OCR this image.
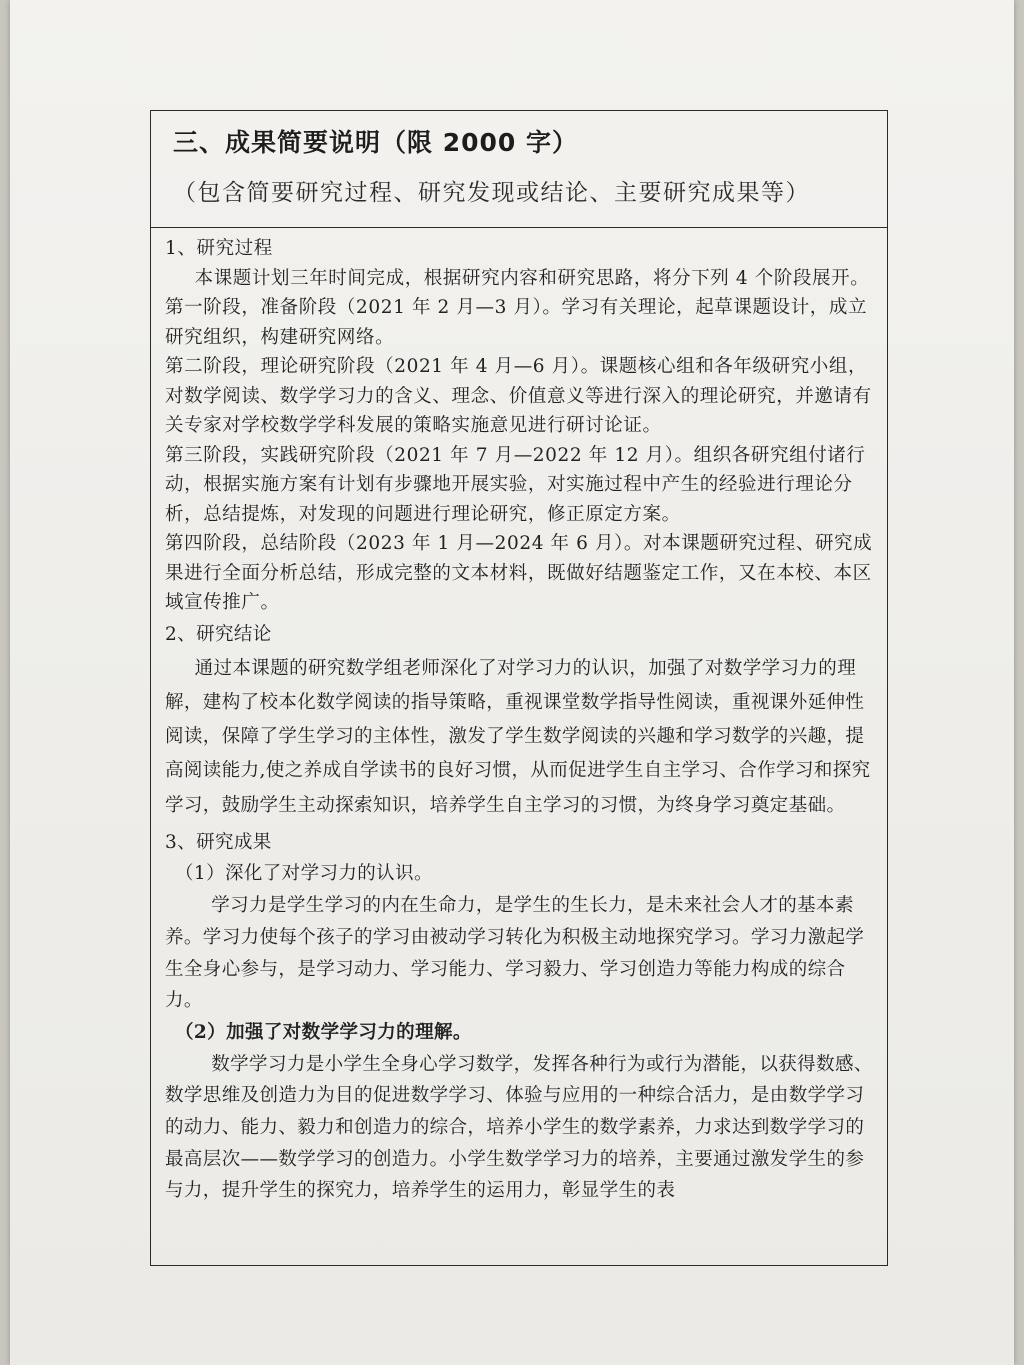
三、成果简要说明（限 2000 字）

（包含简要研究过程、研究发现或结论、主要研究成果等）

1、研究过程

本课题计划三年时间完成，根据研究内容和研究思路，将分下列 4 个阶段展开。

第一阶段，准备阶段（2021 年 2 月—3 月）。学习有关理论，起草课题设计，成立研究组织，构建研究网络。

第二阶段，理论研究阶段（2021 年 4 月—6 月）。课题核心组和各年级研究小组，对数学阅读、数学学习力的含义、理念、价值意义等进行深入的理论研究，并邀请有关专家对学校数学学科发展的策略实施意见进行研讨论证。

第三阶段，实践研究阶段（2021 年 7 月—2022 年 12 月）。组织各研究组付诸行动，根据实施方案有计划有步骤地开展实验，对实施过程中产生的经验进行理论分析，总结提炼，对发现的问题进行理论研究，修正原定方案。

第四阶段，总结阶段（2023 年 1 月—2024 年 6 月）。对本课题研究过程、研究成果进行全面分析总结，形成完整的文本材料，既做好结题鉴定工作，又在本校、本区域宣传推广。

2、研究结论

通过本课题的研究数学组老师深化了对学习力的认识，加强了对数学学习力的理解，建构了校本化数学阅读的指导策略，重视课堂数学指导性阅读，重视课外延伸性阅读，保障了学生学习的主体性，激发了学生数学阅读的兴趣和学习数学的兴趣，提高阅读能力,使之养成自学读书的良好习惯，从而促进学生自主学习、合作学习和探究学习，鼓励学生主动探索知识，培养学生自主学习的习惯，为终身学习奠定基础。

3、研究成果

（1）深化了对学习力的认识。

学习力是学生学习的内在生命力，是学生的生长力，是未来社会人才的基本素养。学习力使每个孩子的学习由被动学习转化为积极主动地探究学习。学习力激起学生全身心参与，是学习动力、学习能力、学习毅力、学习创造力等能力构成的综合力。

（2）加强了对数学学习力的理解。

数学学习力是小学生全身心学习数学，发挥各种行为或行为潜能，以获得数感、数学思维及创造力为目的促进数学学习、体验与应用的一种综合活力，是由数学学习的动力、能力、毅力和创造力的综合，培养小学生的数学素养，力求达到数学学习的最高层次——数学学习的创造力。小学生数学学习力的培养，主要通过激发学生的参与力，提升学生的探究力，培养学生的运用力，彰显学生的表
